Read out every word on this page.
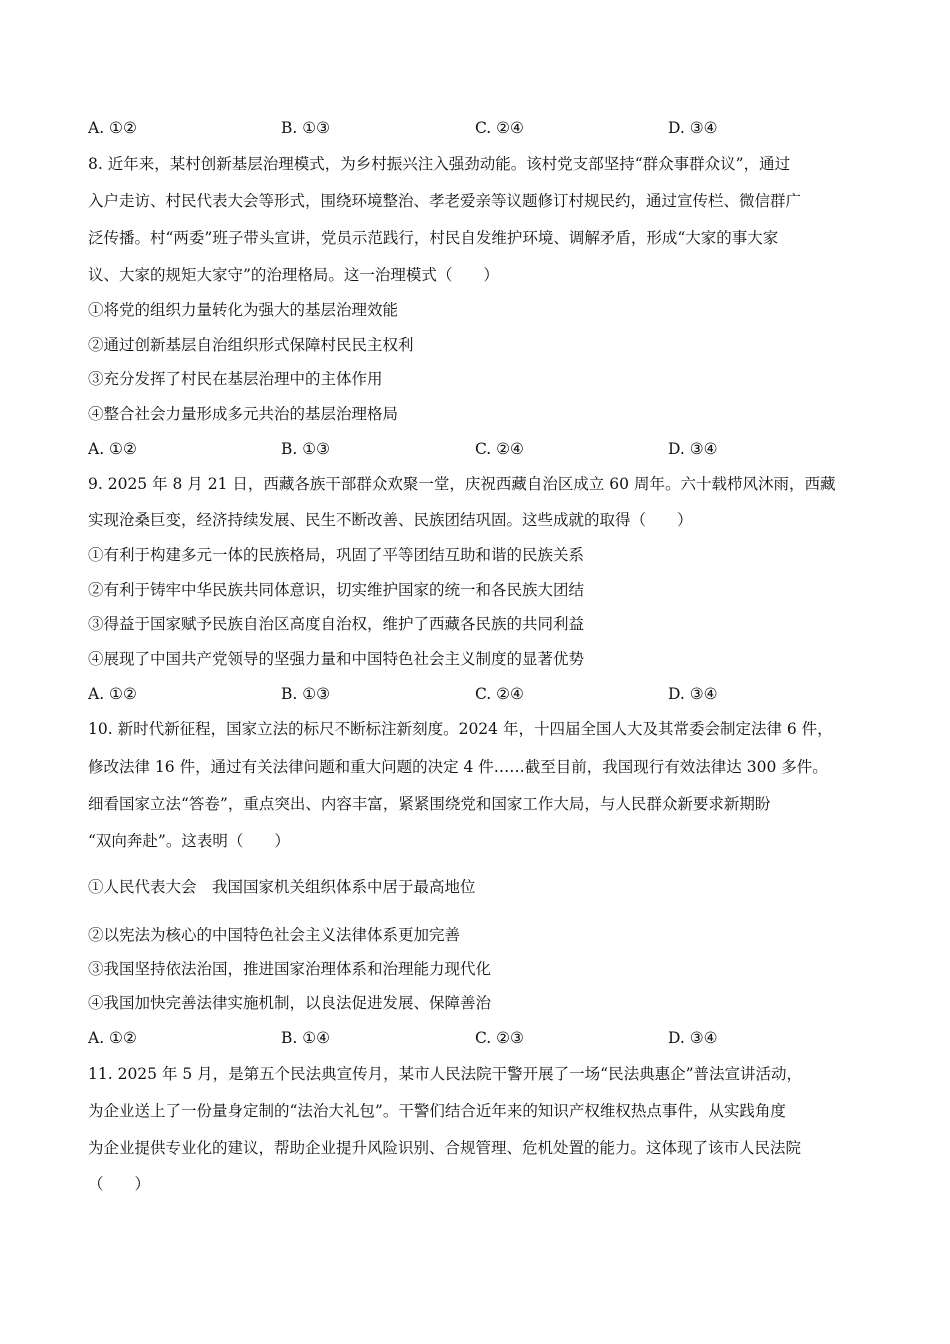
A. ①②	B. ①③	C. ②④	D. ③④
8. 近年来，某村创新基层治理模式，为乡村振兴注入强劲动能。该村党支部坚持“群众事群众议”，通过
入户走访、村民代表大会等形式，围绕环境整治、孝老爱亲等议题修订村规民约，通过宣传栏、微信群广
泛传播。村“两委”班子带头宣讲，党员示范践行，村民自发维护环境、调解矛盾，形成“大家的事大家
议、大家的规矩大家守”的治理格局。这一治理模式（　　）
①将党的组织力量转化为强大的基层治理效能
②通过创新基层自治组织形式保障村民民主权利
③充分发挥了村民在基层治理中的主体作用
④整合社会力量形成多元共治的基层治理格局
A. ①②	B. ①③	C. ②④	D. ③④
9. 2025 年 8 月 21 日，西藏各族干部群众欢聚一堂，庆祝西藏自治区成立 60 周年。六十载栉风沐雨，西藏
实现沧桑巨变，经济持续发展、民生不断改善、民族团结巩固。这些成就的取得（　　）
①有利于构建多元一体的民族格局，巩固了平等团结互助和谐的民族关系
②有利于铸牢中华民族共同体意识，切实维护国家的统一和各民族大团结
③得益于国家赋予民族自治区高度自治权，维护了西藏各民族的共同利益
④展现了中国共产党领导的坚强力量和中国特色社会主义制度的显著优势
A. ①②	B. ①③	C. ②④	D. ③④
10. 新时代新征程，国家立法的标尺不断标注新刻度。2024 年，十四届全国人大及其常委会制定法律 6 件，
修改法律 16 件，通过有关法律问题和重大问题的决定 4 件……截至目前，我国现行有效法律达 300 多件。
细看国家立法“答卷”，重点突出、内容丰富，紧紧围绕党和国家工作大局，与人民群众新要求新期盼
“双向奔赴”。这表明（　　）
①人民代表大会　我国国家机关组织体系中居于最高地位
②以宪法为核心的中国特色社会主义法律体系更加完善
③我国坚持依法治国，推进国家治理体系和治理能力现代化
④我国加快完善法律实施机制，以良法促进发展、保障善治
A. ①②	B. ①④	C. ②③	D. ③④
11. 2025 年 5 月，是第五个民法典宣传月，某市人民法院干警开展了一场“民法典惠企”普法宣讲活动，
为企业送上了一份量身定制的“法治大礼包”。干警们结合近年来的知识产权维权热点事件，从实践角度
为企业提供专业化的建议，帮助企业提升风险识别、合规管理、危机处置的能力。这体现了该市人民法院
（　　）
